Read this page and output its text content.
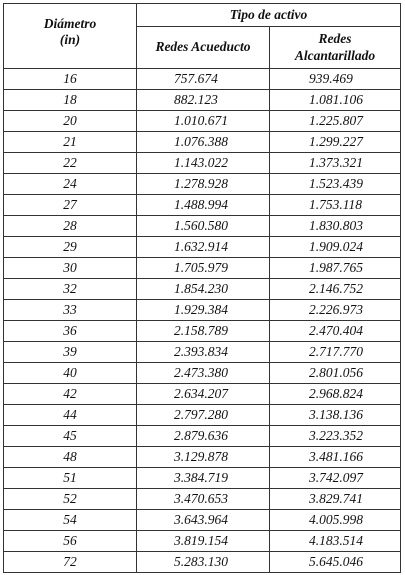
Diámetro
(in)	Tipo de activo	

	Redes Acueducto	Redes
Alcantarillado

16	757.674	939.469
18	882.123	1.081.106
20	1.010.671	1.225.807
21	1.076.388	1.299.227
22	1.143.022	1.373.321
24	1.278.928	1.523.439
27	1.488.994	1.753.118
28	1.560.580	1.830.803
29	1.632.914	1.909.024
30	1.705.979	1.987.765
32	1.854.230	2.146.752
33	1.929.384	2.226.973
36	2.158.789	2.470.404
39	2.393.834	2.717.770
40	2.473.380	2.801.056
42	2.634.207	2.968.824
44	2.797.280	3.138.136
45	2.879.636	3.223.352
48	3.129.878	3.481.166
51	3.384.719	3.742.097
52	3.470.653	3.829.741
54	3.643.964	4.005.998
56	3.819.154	4.183.514
72	5.283.130	5.645.046
